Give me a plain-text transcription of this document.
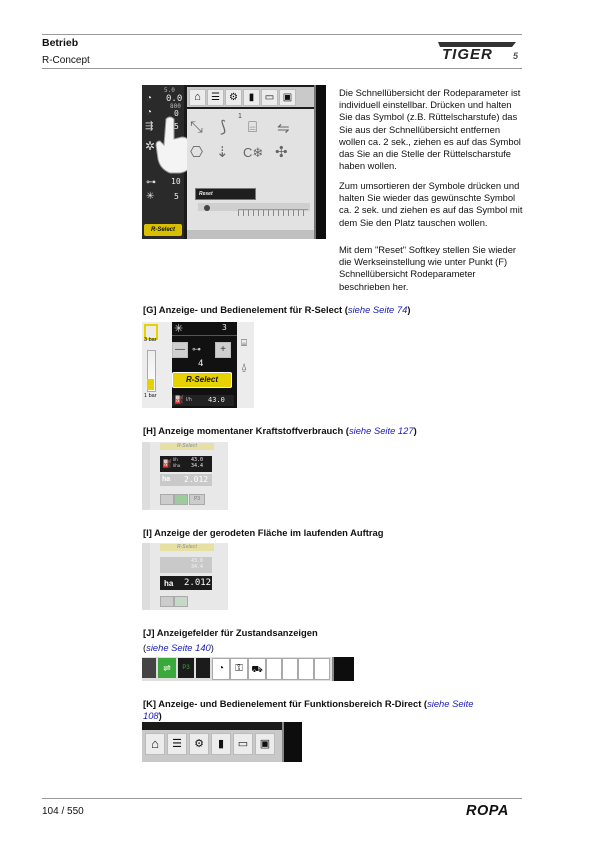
Betrieb
R-Concept	TIGER 5
5.0
0.0
800
0
5
10
5
◔
◔
⇶
✲
⊶
✳
R-Select
⌂	☰ ⚙	▮	▭ ▣
⤡ ⟆
1
⌸ ⇋
⎔ ⇣ C❄ ✣
Reset
Die Schnellübersicht der Rodeparameter ist individuell einstellbar. Drücken und halten Sie das Symbol (z.B. Rüttelscharstufe) das Sie aus der Schnellübersicht entfernen wollen ca. 2 sek., ziehen es auf das Symbol das Sie an die Stelle der Rüttelscharstufe haben wollen.
Zum umsortieren der Symbole drücken und halten Sie wieder das gewünschte Symbol ca. 2 sek. und ziehen es auf das Symbol mit dem Sie den Platz tauschen wollen.
Mit dem "Reset" Softkey stellen Sie wieder die Werkseinstellung wie unter Punkt (F) Schnellübersicht Rodeparameter beschrieben her.
[G] Anzeige- und Bedienelement für R-Select (siehe Seite 74)
3 bar
1 bar
✳	3
— ⊶	+
4
R-Select
⛽ l/h 43.0
⌸
⍙
[H] Anzeige momentaner Kraftstoffverbrauch (siehe Seite 127)
R-Select
⛽ l/h
l/ha
43.0
34.4
ha 2.012
P3
[I] Anzeige der gerodeten Fläche im laufenden Auftrag
R-Select
43.0
34.4
ha 2.012
[J] Anzeigefelder für Zustandsanzeigen
(siehe Seite 140)
⇌	P3	◔	⚿ ⛟
[K] Anzeige- und Bedienelement für Funktionsbereich R-Direct (siehe Seite 108)
⌂	☰	⚙	▮	▭	▣
104 / 550	ROPA
